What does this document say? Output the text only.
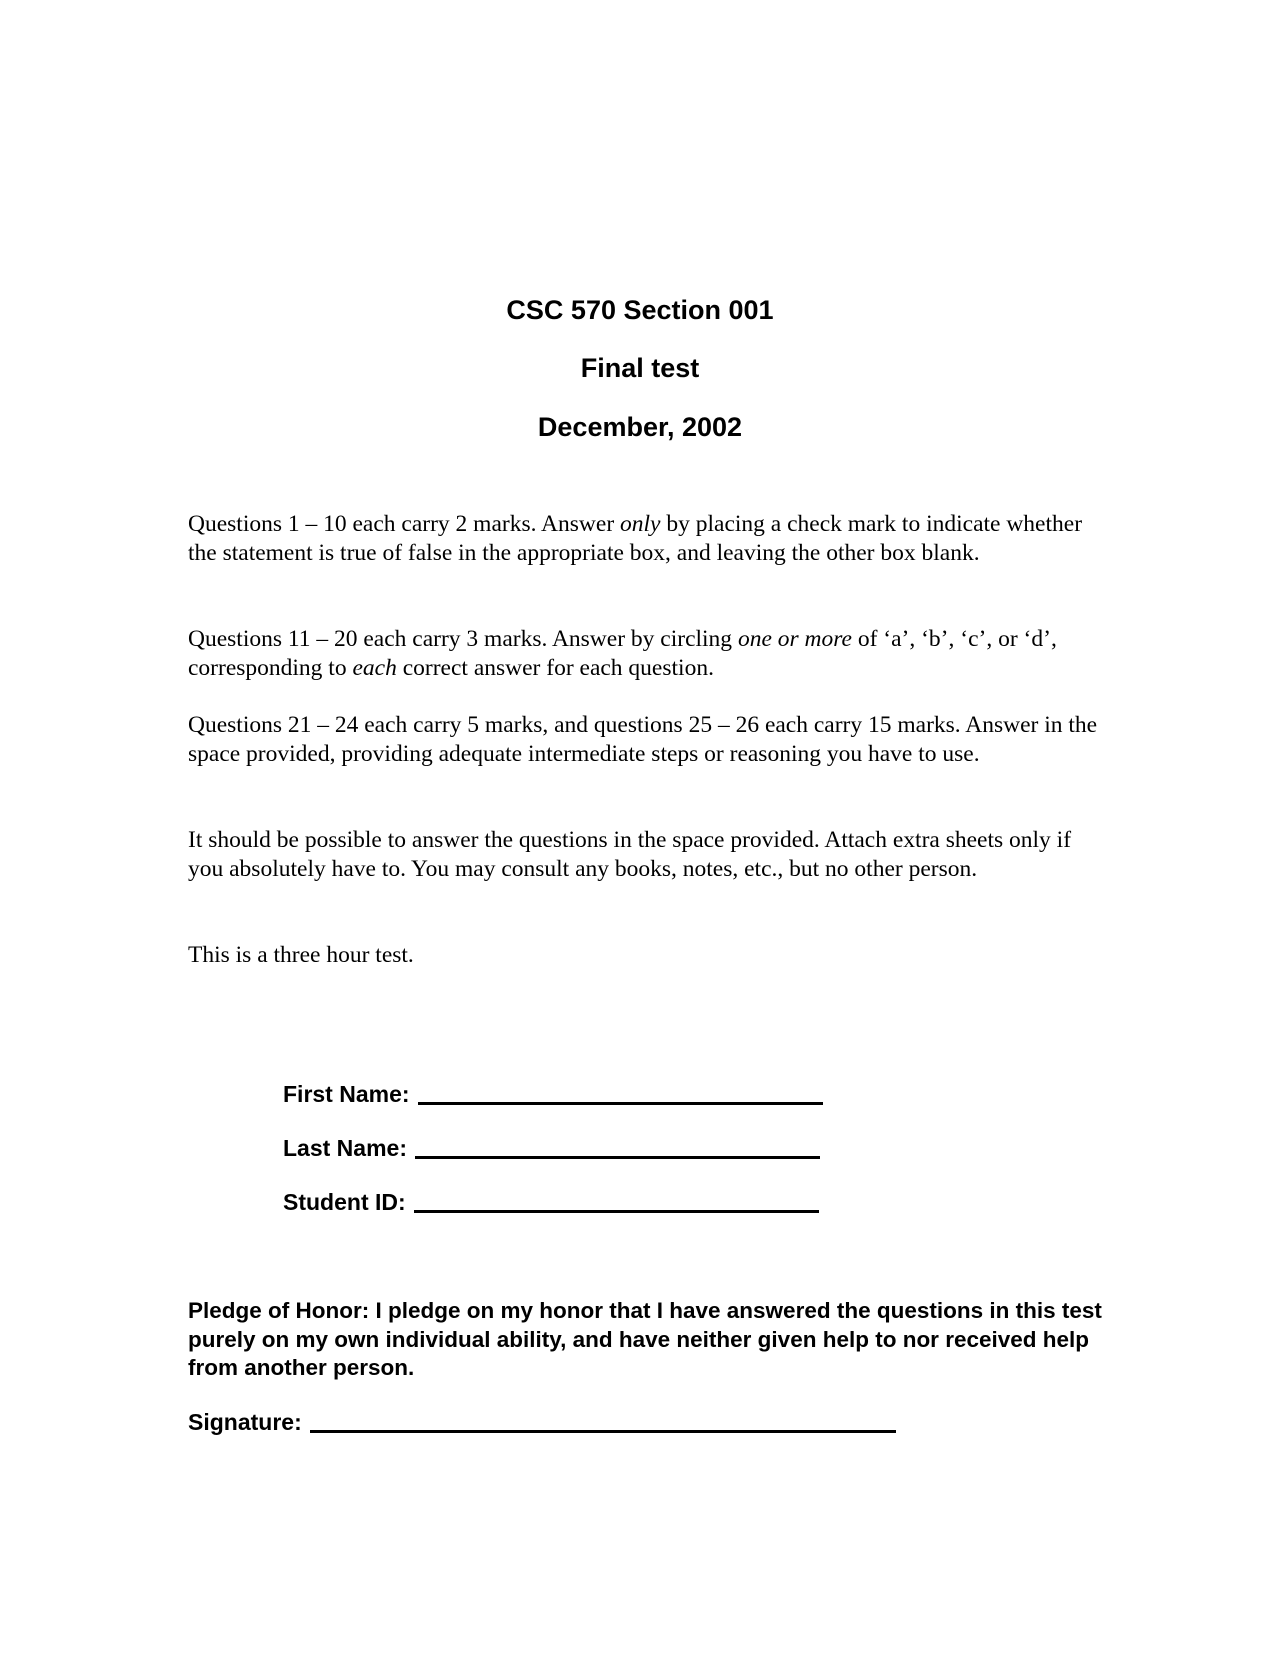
CSC 570 Section 001
Final test
December, 2002

Questions 1 – 10 each carry 2 marks. Answer only by placing a check mark to indicate whether the statement is true of false in the appropriate box, and leaving the other box blank.

Questions 11 – 20 each carry 3 marks. Answer by circling one or more of ‘a’, ‘b’, ‘c’, or ‘d’, corresponding to each correct answer for each question.

Questions 21 – 24 each carry 5 marks, and questions 25 – 26 each carry 15 marks. Answer in the space provided, providing adequate intermediate steps or reasoning you have to use.

It should be possible to answer the questions in the space provided. Attach extra sheets only if you absolutely have to. You may consult any books, notes, etc., but no other person.

This is a three hour test.

First Name:
Last Name:
Student ID:

Pledge of Honor: I pledge on my honor that I have answered the questions in this test purely on my own individual ability, and have neither given help to nor received help from another person.

Signature:
